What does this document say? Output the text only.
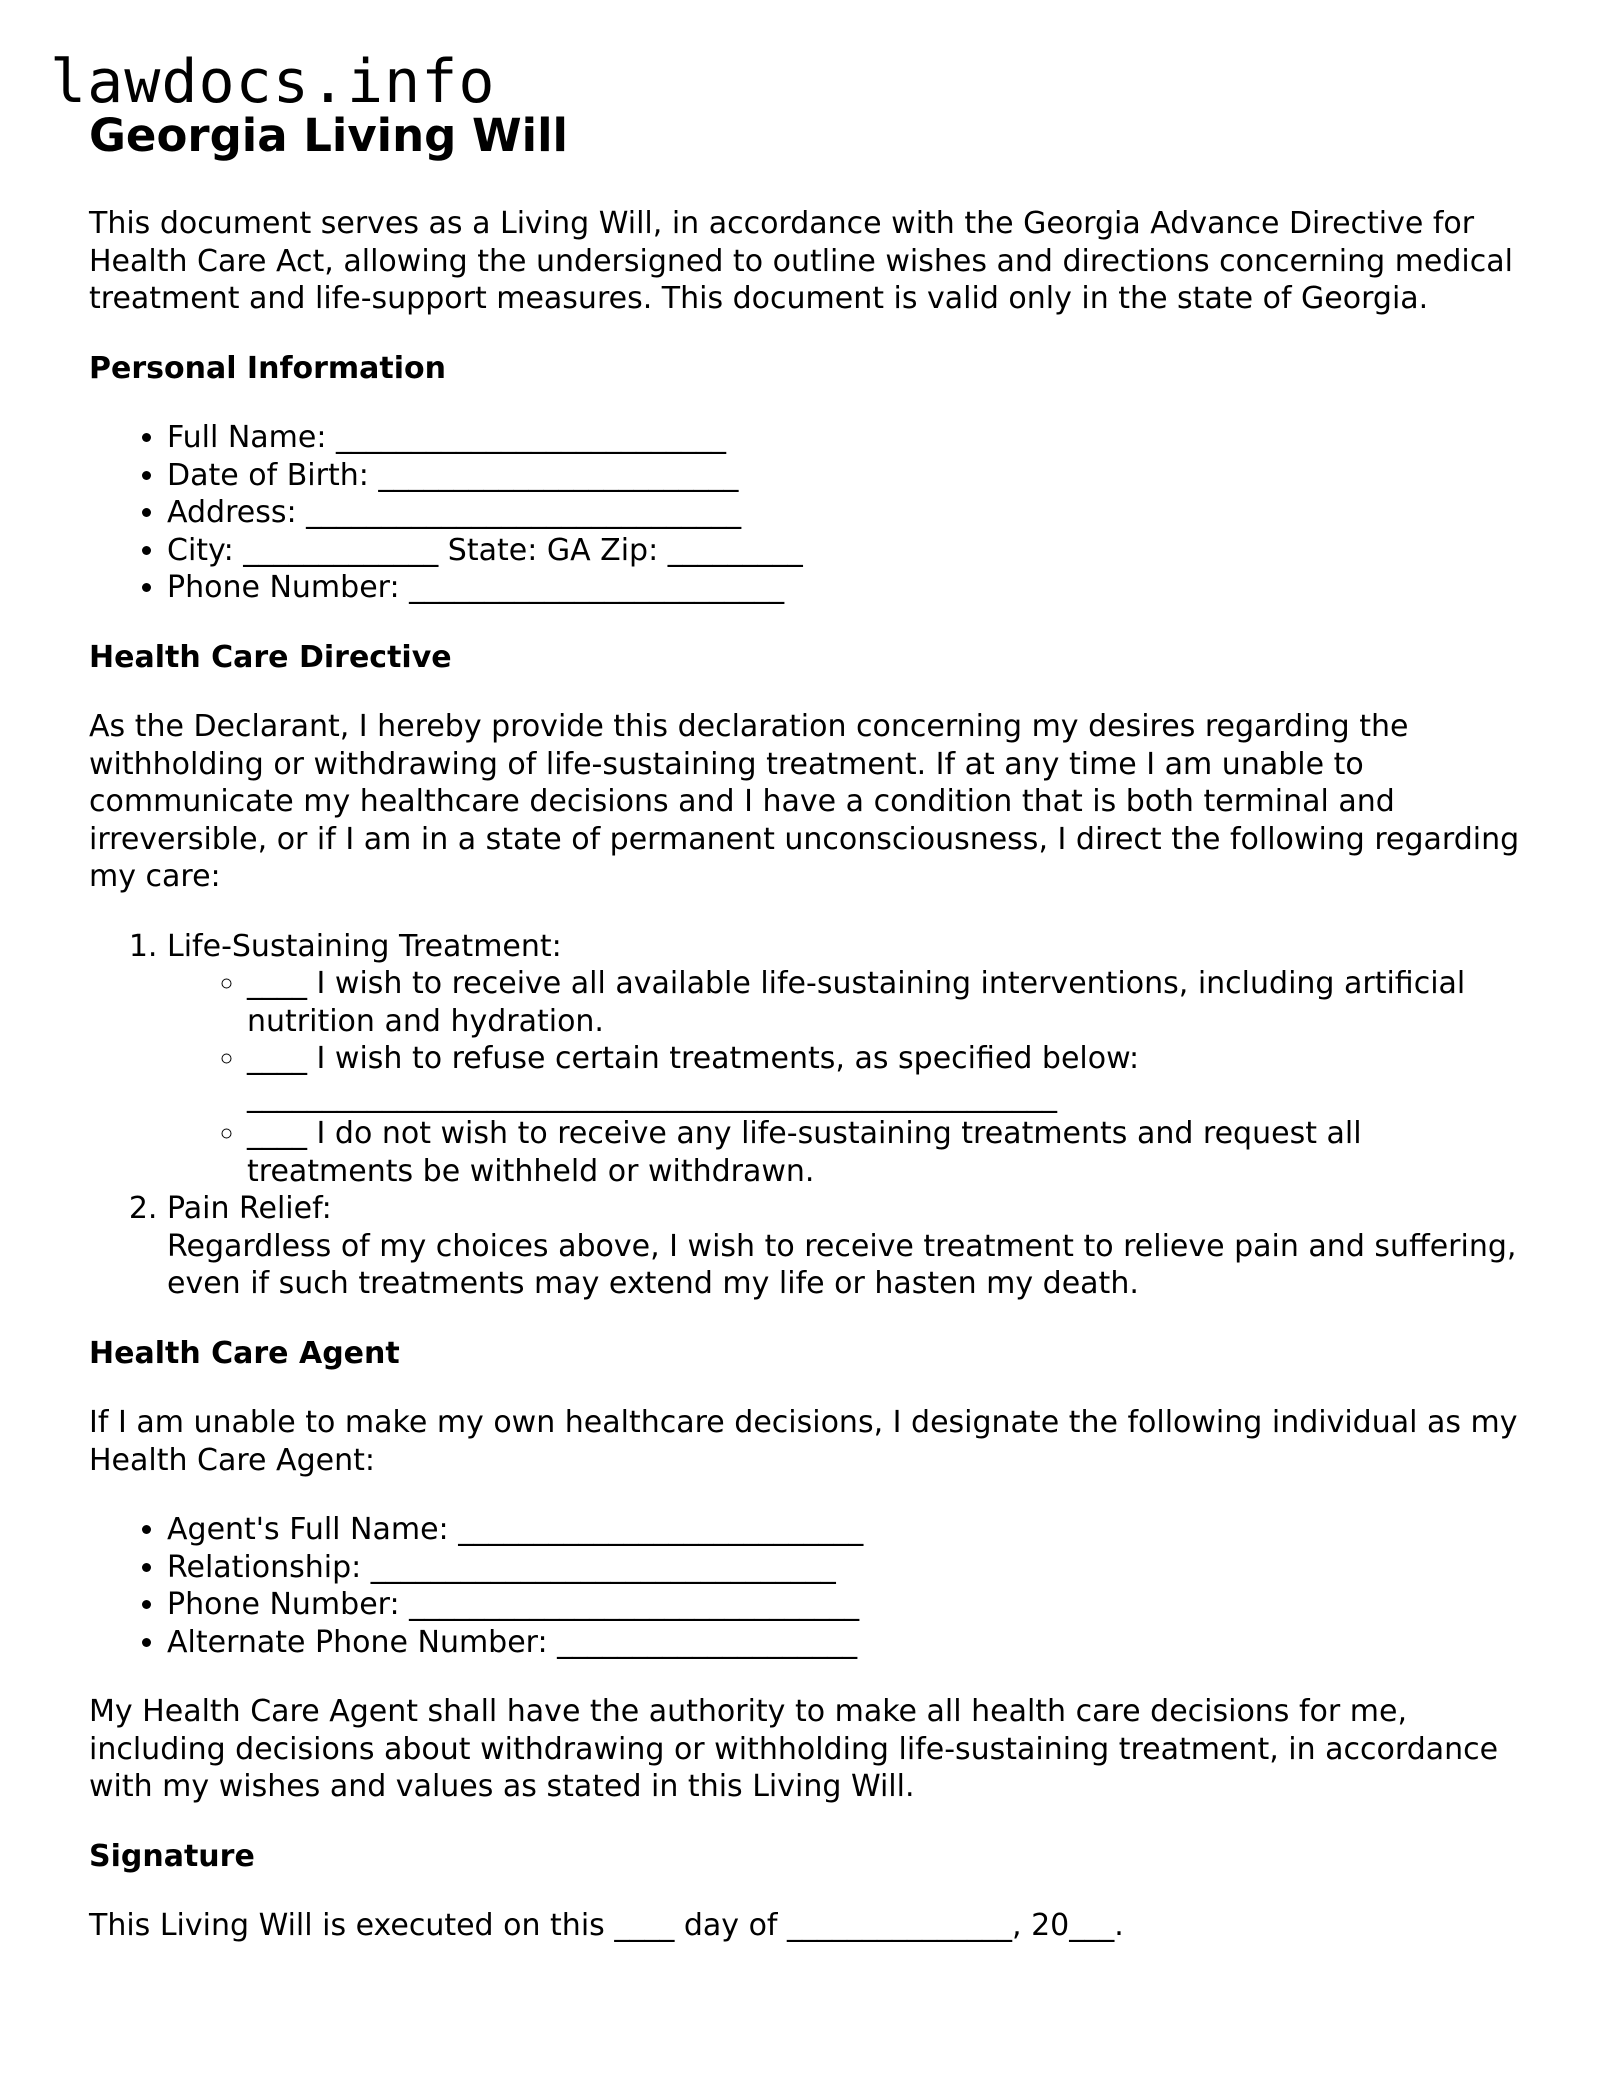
lawdocs.info
Georgia Living Will

This document serves as a Living Will, in accordance with the Georgia Advance Directive for Health Care Act, allowing the undersigned to outline wishes and directions concerning medical treatment and life-support measures. This document is valid only in the state of Georgia.

Personal Information
• Full Name: __________________________
• Date of Birth: ________________________
• Address: _____________________________
• City: _____________ State: GA Zip: _________
• Phone Number: _________________________
Health Care Directive

As the Declarant, I hereby provide this declaration concerning my desires regarding the withholding or withdrawing of life-sustaining treatment. If at any time I am unable to communicate my healthcare decisions and I have a condition that is both terminal and irreversible, or if I am in a state of permanent unconsciousness, I direct the following regarding my care:

1. Life-Sustaining Treatment:
◦ ____ I wish to receive all available life-sustaining interventions, including artificial nutrition and hydration.
◦ ____ I wish to refuse certain treatments, as specified below:
______________________________________________________
◦ ____ I do not wish to receive any life-sustaining treatments and request all treatments be withheld or withdrawn.
2. Pain Relief:
Regardless of my choices above, I wish to receive treatment to relieve pain and suffering, even if such treatments may extend my life or hasten my death.
Health Care Agent

If I am unable to make my own healthcare decisions, I designate the following individual as my Health Care Agent:

• Agent's Full Name: ___________________________
• Relationship: _______________________________
• Phone Number: ______________________________
• Alternate Phone Number: ____________________

My Health Care Agent shall have the authority to make all health care decisions for me, including decisions about withdrawing or withholding life-sustaining treatment, in accordance with my wishes and values as stated in this Living Will.

Signature

This Living Will is executed on this ____ day of _______________, 20___.
